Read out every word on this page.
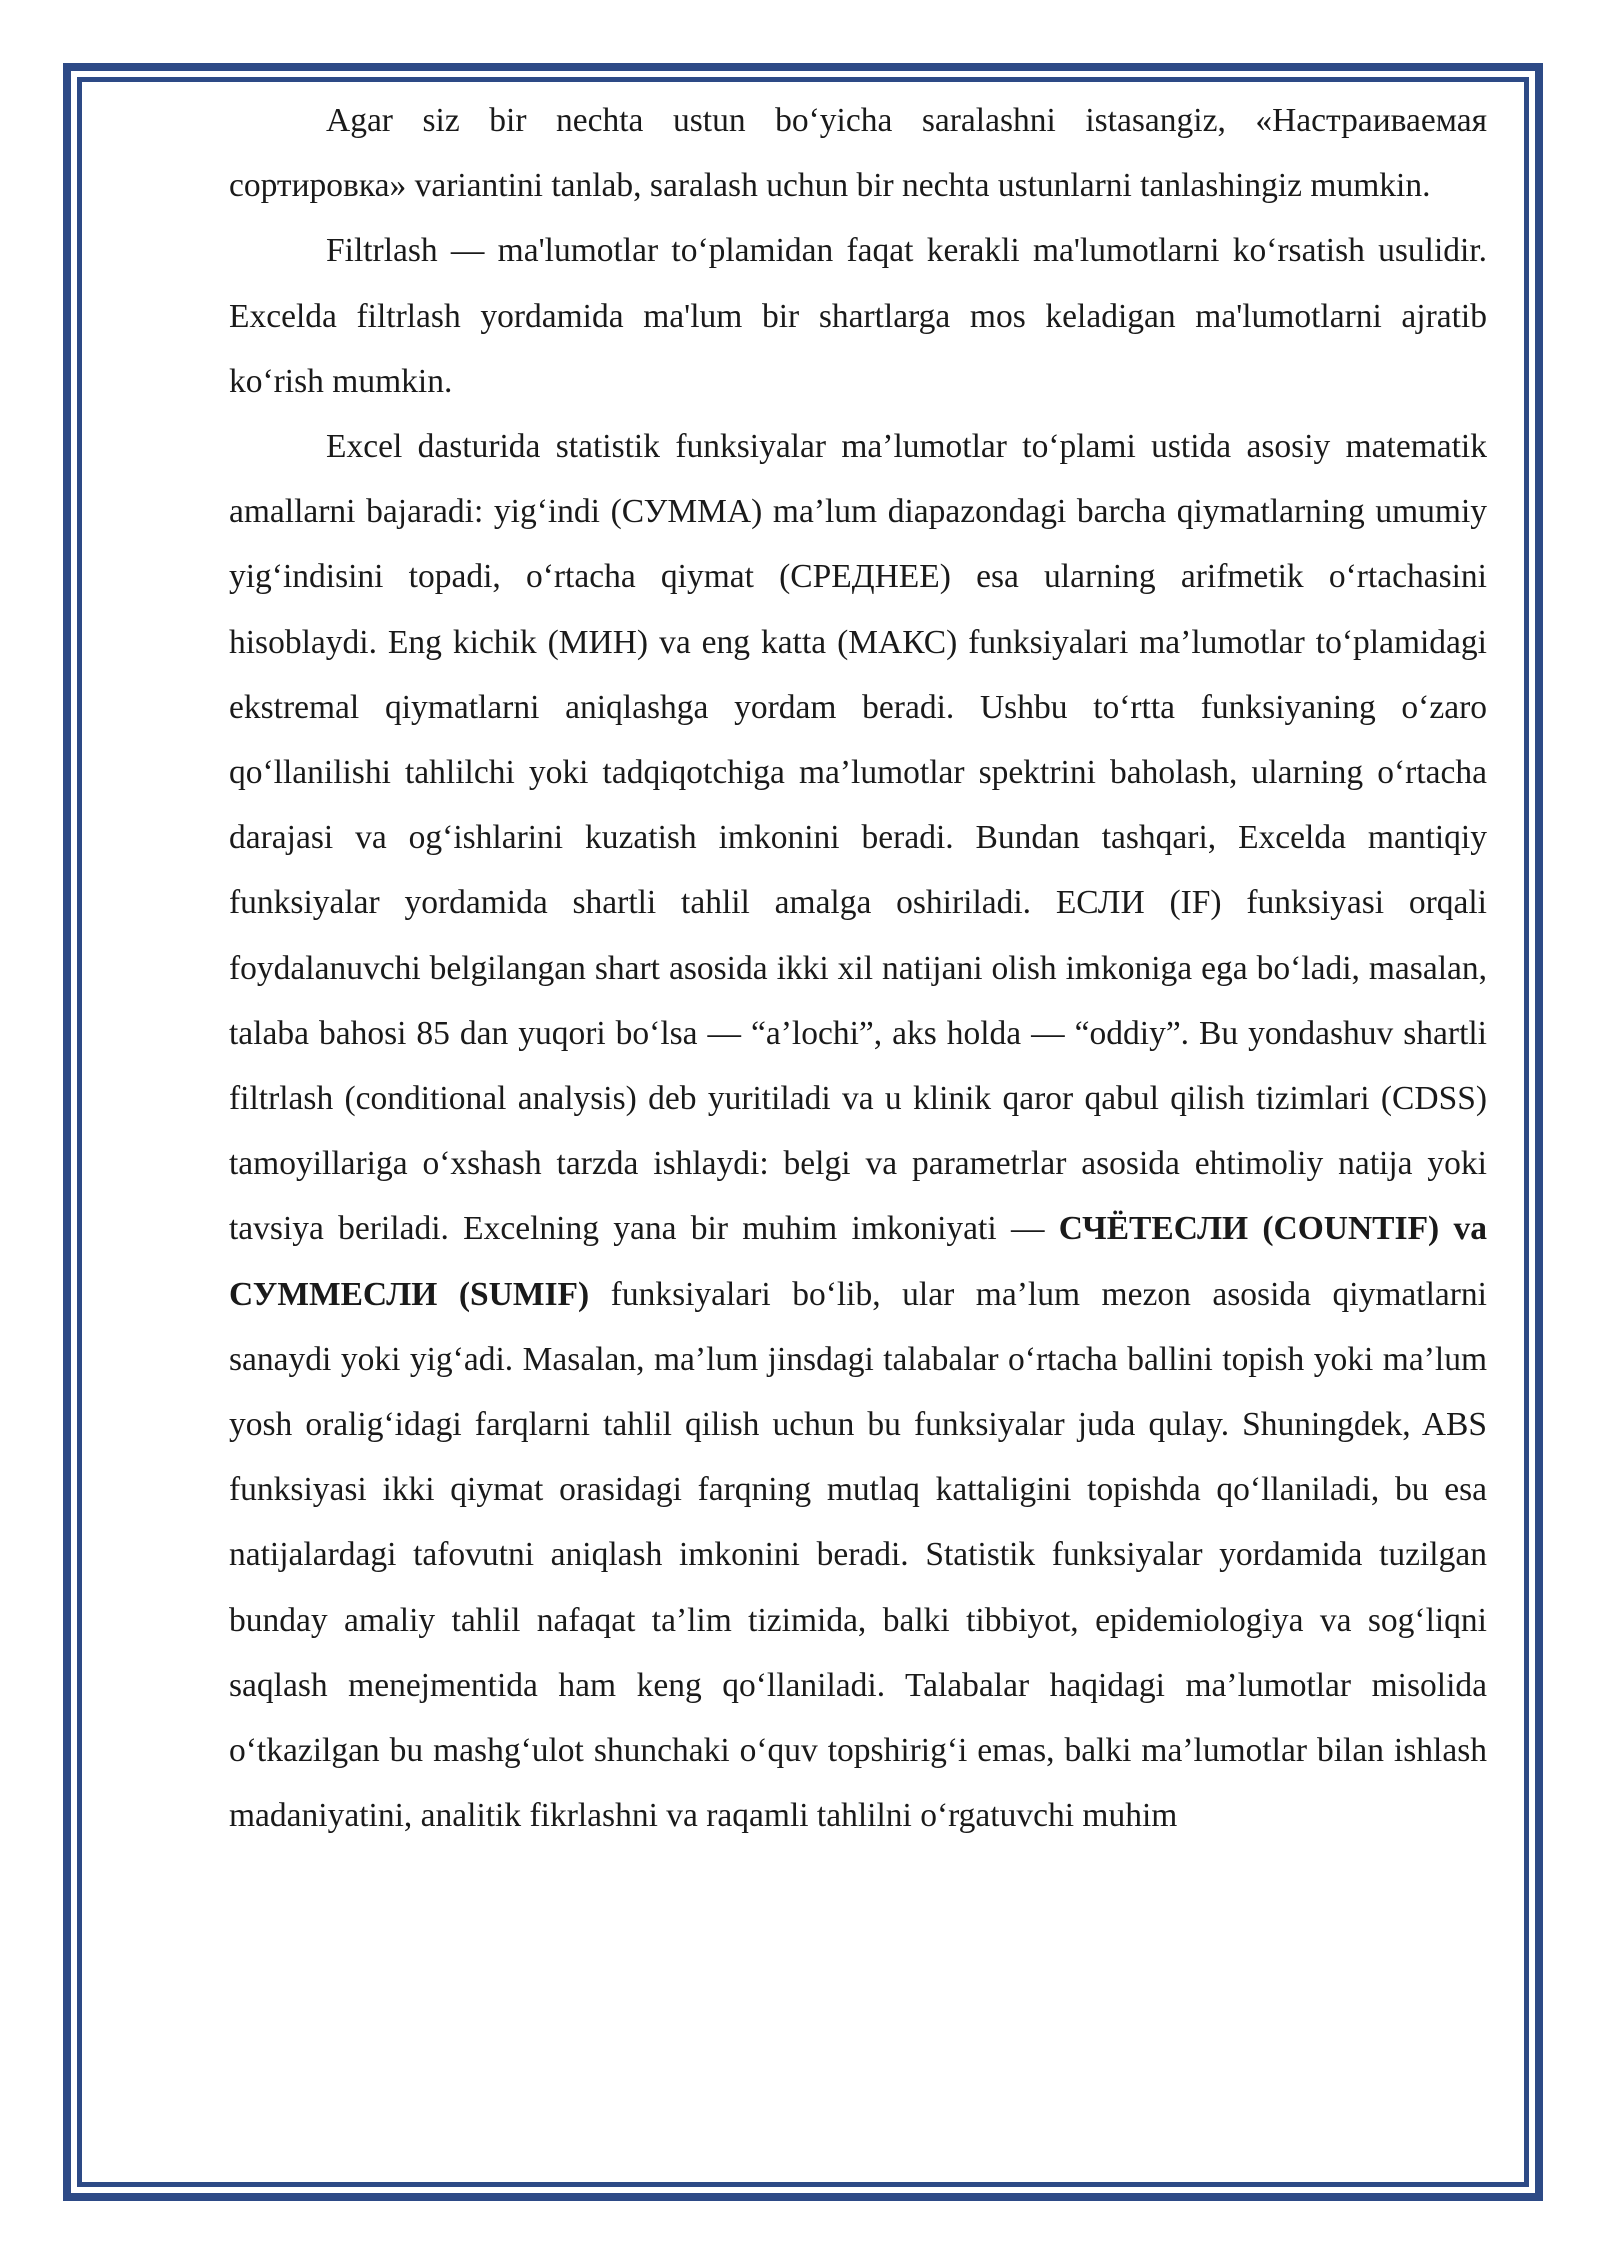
Agar siz bir nechta ustun bo‘yicha saralashni istasangiz, «Настраиваемая сортировка» variantini tanlab, saralash uchun bir nechta ustunlarni tanlashingiz mumkin.

Filtrlash — ma'lumotlar to‘plamidan faqat kerakli ma'lumotlarni ko‘rsatish usulidir. Excelda filtrlash yordamida ma'lum bir shartlarga mos keladigan ma'lumotlarni ajratib ko‘rish mumkin.

Excel dasturida statistik funksiyalar ma’lumotlar to‘plami ustida asosiy matematik amallarni bajaradi: yig‘indi (СУММА) ma’lum diapazondagi barcha qiymatlarning umumiy yig‘indisini topadi, o‘rtacha qiymat (СРЕДНЕЕ) esa ularning arifmetik o‘rtachasini hisoblaydi. Eng kichik (МИН) va eng katta (МАКС) funksiyalari ma’lumotlar to‘plamidagi ekstremal qiymatlarni aniqlashga yordam beradi. Ushbu to‘rtta funksiyaning o‘zaro qo‘llanilishi tahlilchi yoki tadqiqotchiga ma’lumotlar spektrini baholash, ularning o‘rtacha darajasi va og‘ishlarini kuzatish imkonini beradi. Bundan tashqari, Excelda mantiqiy funksiyalar yordamida shartli tahlil amalga oshiriladi. ЕСЛИ (IF) funksiyasi orqali foydalanuvchi belgilangan shart asosida ikki xil natijani olish imkoniga ega bo‘ladi, masalan, talaba bahosi 85 dan yuqori bo‘lsa — “a’lochi”, aks holda — “oddiy”. Bu yondashuv shartli filtrlash (conditional analysis) deb yuritiladi va u klinik qaror qabul qilish tizimlari (CDSS) tamoyillariga o‘xshash tarzda ishlaydi: belgi va parametrlar asosida ehtimoliy natija yoki tavsiya beriladi. Excelning yana bir muhim imkoniyati — СЧЁТЕСЛИ (COUNTIF) va СУММЕСЛИ (SUMIF) funksiyalari bo‘lib, ular ma’lum mezon asosida qiymatlarni sanaydi yoki yig‘adi. Masalan, ma’lum jinsdagi talabalar o‘rtacha ballini topish yoki ma’lum yosh oralig‘idagi farqlarni tahlil qilish uchun bu funksiyalar juda qulay. Shuningdek, ABS funksiyasi ikki qiymat orasidagi farqning mutlaq kattaligini topishda qo‘llaniladi, bu esa natijalardagi tafovutni aniqlash imkonini beradi. Statistik funksiyalar yordamida tuzilgan bunday amaliy tahlil nafaqat ta’lim tizimida, balki tibbiyot, epidemiologiya va sog‘liqni saqlash menejmentida ham keng qo‘llaniladi. Talabalar haqidagi ma’lumotlar misolida o‘tkazilgan bu mashg‘ulot shunchaki o‘quv topshirig‘i emas, balki ma’lumotlar bilan ishlash madaniyatini, analitik fikrlashni va raqamli tahlilni o‘rgatuvchi muhim
